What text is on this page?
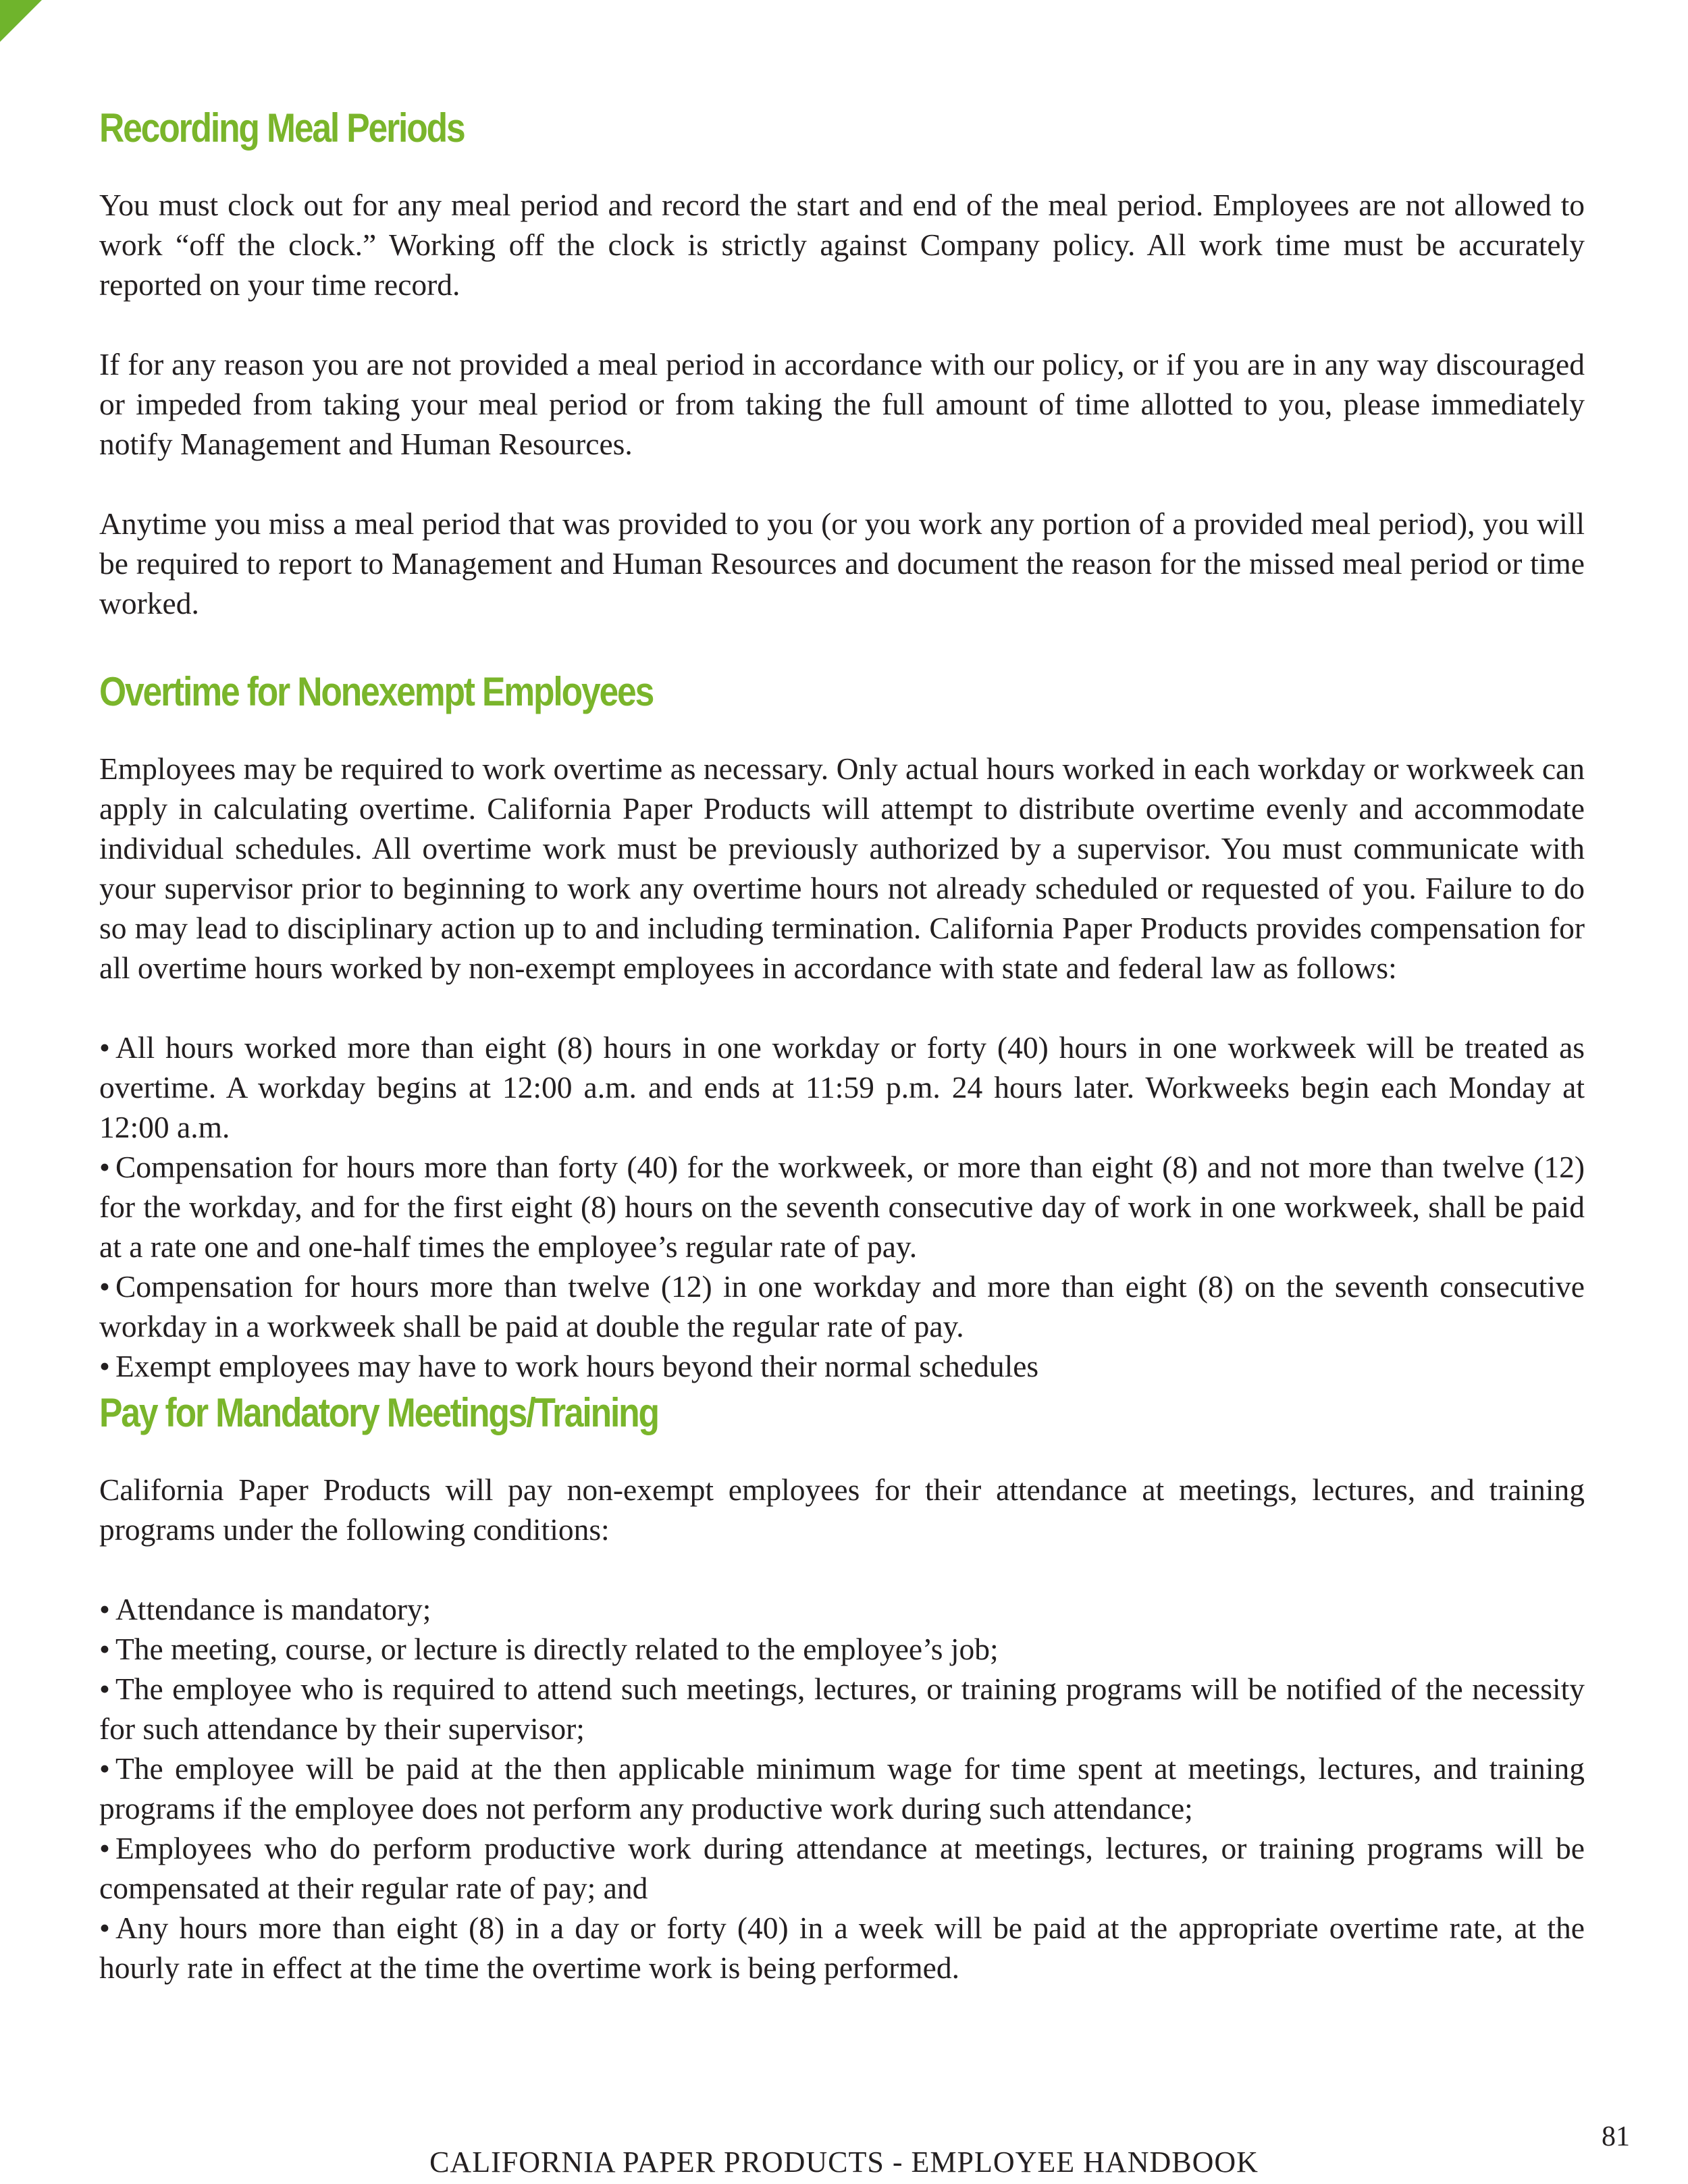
Recording Meal Periods

You must clock out for any meal period and record the start and end of the meal period. Employees are not allowed to work “off the clock.” Working off the clock is strictly against Company policy. All work time must be accurately reported on your time record.

If for any reason you are not provided a meal period in accordance with our policy, or if you are in any way discouraged or impeded from taking your meal period or from taking the full amount of time allotted to you, please immediately notify Management and Human Resources.

Anytime you miss a meal period that was provided to you (or you work any portion of a provided meal period), you will be required to report to Management and Human Resources and document the reason for the missed meal period or time worked.

Overtime for Nonexempt Employees

Employees may be required to work overtime as necessary. Only actual hours worked in each workday or workweek can apply in calculating overtime. California Paper Products will attempt to distribute overtime evenly and accommodate individual schedules. All overtime work must be previously authorized by a supervisor. You must communicate with your supervisor prior to beginning to work any overtime hours not already scheduled or requested of you. Failure to do so may lead to disciplinary action up to and including termination. California Paper Products provides compensation for all overtime hours worked by non-exempt employees in accordance with state and federal law as follows:

• All hours worked more than eight (8) hours in one workday or forty (40) hours in one workweek will be treated as overtime. A workday begins at 12:00 a.m. and ends at 11:59 p.m. 24 hours later. Workweeks begin each Monday at 12:00 a.m.
• Compensation for hours more than forty (40) for the workweek, or more than eight (8) and not more than twelve (12) for the workday, and for the first eight (8) hours on the seventh consecutive day of work in one workweek, shall be paid at a rate one and one-half times the employee’s regular rate of pay.
• Compensation for hours more than twelve (12) in one workday and more than eight (8) on the seventh consecutive workday in a workweek shall be paid at double the regular rate of pay.
• Exempt employees may have to work hours beyond their normal schedules
Pay for Mandatory Meetings/Training

California Paper Products will pay non-exempt employees for their attendance at meetings, lectures, and training programs under the following conditions:

• Attendance is mandatory;
• The meeting, course, or lecture is directly related to the employee’s job;
• The employee who is required to attend such meetings, lectures, or training programs will be notified of the necessity for such attendance by their supervisor;
• The employee will be paid at the then applicable minimum wage for time spent at meetings, lectures, and training programs if the employee does not perform any productive work during such attendance;
• Employees who do perform productive work during attendance at meetings, lectures, or training programs will be compensated at their regular rate of pay; and
• Any hours more than eight (8) in a day or forty (40) in a week will be paid at the appropriate overtime rate, at the hourly rate in effect at the time the overtime work is being performed.
81
CALIFORNIA PAPER PRODUCTS - EMPLOYEE HANDBOOK
